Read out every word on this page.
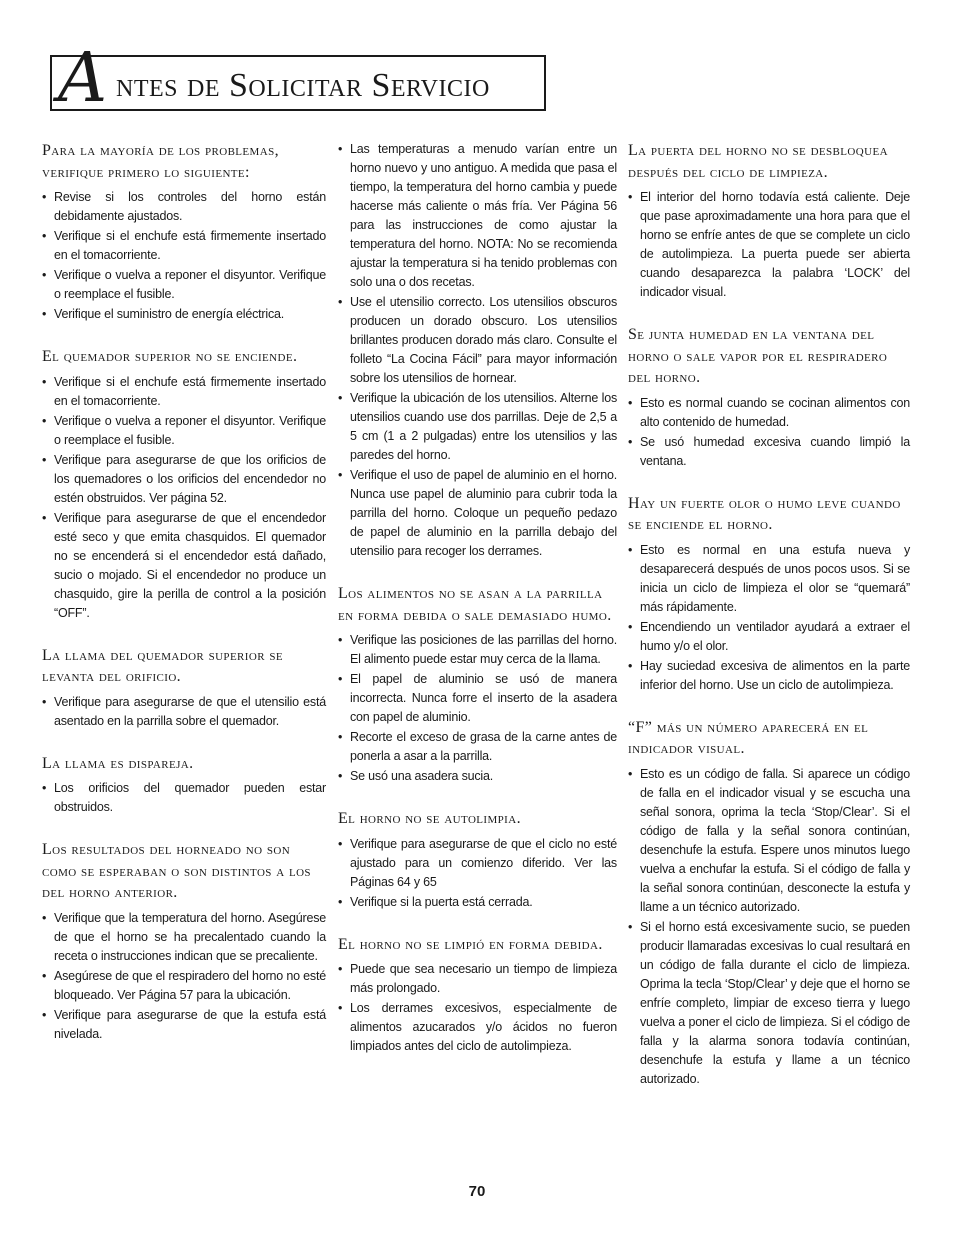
A ntes de Solicitar Servicio
Para la mayoría de los problemas, verifique primero lo siguiente:
• Revise si los controles del horno están debidamente ajustados.
• Verifique si el enchufe está firmemente insertado en el tomacorriente.
• Verifique o vuelva a reponer el disyuntor. Verifique o reemplace el fusible.
• Verifique el suministro de energía eléctrica.
El quemador superior no se enciende.
• Verifique si el enchufe está firmemente insertado en el tomacorriente.
• Verifique o vuelva a reponer el disyuntor. Verifique o reemplace el fusible.
• Verifique para asegurarse de que los orificios de los quemadores o los orificios del encendedor no estén obstruidos. Ver página 52.
• Verifique para asegurarse de que el encendedor esté seco y que emita chasquidos. El quemador no se encenderá si el encendedor está dañado, sucio o mojado. Si el encendedor no produce un chasquido, gire la perilla de control a la posición “OFF”.
La llama del quemador superior se levanta del orificio.
• Verifique para asegurarse de que el utensilio está asentado en la parrilla sobre el quemador.
La llama es dispareja.
• Los orificios del quemador pueden estar obstruidos.
Los resultados del horneado no son como se esperaban o son distintos a los del horno anterior.
• Verifique que la temperatura del horno. Asegúrese de que el horno se ha precalentado cuando la receta o instrucciones indican que se precaliente.
• Asegúrese de que el respiradero del horno no esté bloqueado. Ver Página 57 para la ubicación.
• Verifique para asegurarse de que la estufa está nivelada.
• Las temperaturas a menudo varían entre un horno nuevo y uno antiguo. A medida que pasa el tiempo, la temperatura del horno cambia y puede hacerse más caliente o más fría. Ver Página 56 para las instrucciones de como ajustar la temperatura del horno. NOTA: No se recomienda ajustar la temperatura si ha tenido problemas con solo una o dos recetas.
• Use el utensilio correcto. Los utensilios obscuros producen un dorado obscuro. Los utensilios brillantes producen dorado más claro. Consulte el folleto “La Cocina Fácil” para mayor información sobre los utensilios de hornear.
• Verifique la ubicación de los utensilios. Alterne los utensilios cuando use dos parrillas. Deje de 2,5 a 5 cm (1 a 2 pulgadas) entre los utensilios y las paredes del horno.
• Verifique el uso de papel de aluminio en el horno. Nunca use papel de aluminio para cubrir toda la parrilla del horno. Coloque un pequeño pedazo de papel de aluminio en la parrilla debajo del utensilio para recoger los derrames.
Los alimentos no se asan a la parrilla en forma debida o sale demasiado humo.
• Verifique las posiciones de las parrillas del horno. El alimento puede estar muy cerca de la llama.
• El papel de aluminio se usó de manera incorrecta. Nunca forre el inserto de la asadera con papel de aluminio.
• Recorte el exceso de grasa de la carne antes de ponerla a asar a la parrilla.
• Se usó una asadera sucia.
El horno no se autolimpia.
• Verifique para asegurarse de que el ciclo no esté ajustado para un comienzo diferido. Ver las Páginas 64 y 65
• Verifique si la puerta está cerrada.
El horno no se limpió en forma debida.
• Puede que sea necesario un tiempo de limpieza más prolongado.
• Los derrames excesivos, especialmente de alimentos azucarados y/o ácidos no fueron limpiados antes del ciclo de autolimpieza.
La puerta del horno no se desbloquea después del ciclo de limpieza.
• El interior del horno todavía está caliente. Deje que pase aproximadamente una hora para que el horno se enfríe antes de que se complete un ciclo de autolimpieza. La puerta puede ser abierta cuando desaparezca la palabra ‘LOCK’ del indicador visual.
Se junta humedad en la ventana del horno o sale vapor por el respiradero del horno.
• Esto es normal cuando se cocinan alimentos con alto contenido de humedad.
• Se usó humedad excesiva cuando limpió la ventana.
Hay un fuerte olor o humo leve cuando se enciende el horno.
• Esto es normal en una estufa nueva y desaparecerá después de unos pocos usos. Si se inicia un ciclo de limpieza el olor se “quemará” más rápidamente.
• Encendiendo un ventilador ayudará a extraer el humo y/o el olor.
• Hay suciedad excesiva de alimentos en la parte inferior del horno. Use un ciclo de autolimpieza.
“F” más un número aparecerá en el indicador visual.
• Esto es un código de falla. Si aparece un código de falla en el indicador visual y se escucha una señal sonora, oprima la tecla ‘Stop/Clear’. Si el código de falla y la señal sonora continúan, desenchufe la estufa. Espere unos minutos luego vuelva a enchufar la estufa. Si el código de falla y la señal sonora continúan, desconecte la estufa y llame a un técnico autorizado.
• Si el horno está excesivamente sucio, se pueden producir llamaradas excesivas lo cual resultará en un código de falla durante el ciclo de limpieza. Oprima la tecla ‘Stop/Clear’ y deje que el horno se enfríe completo, limpiar de exceso tierra y luego vuelva a poner el ciclo de limpieza. Si el código de falla y la alarma sonora todavía continúan, desenchufe la estufa y llame a un técnico autorizado.
70
